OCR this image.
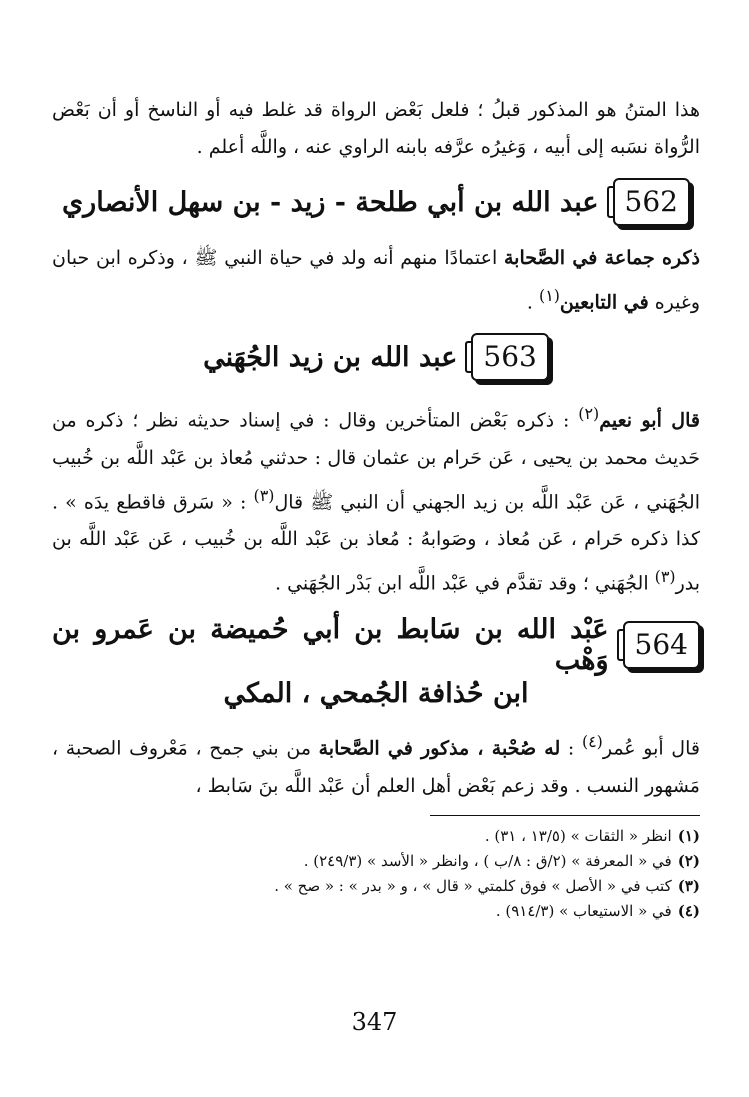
هذا المتنُ هو المذكور قبلُ ؛ فلعل بَعْض الرواة قد غلط فيه أو الناسخ أو أن بَعْض الرُّواة نسَبه إلى أبيه ، وَغيرُه عرَّفه بابنه الراوي عنه ، واللَّه أعلم .

562
عبد الله بن أبي طلحة - زيد - بن سهل الأنصاري

ذكره جماعة في الصَّحابة اعتمادًا منهم أنه ولد في حياة النبي ﷺ ، وذكره ابن حبان وغيره في التابعين$^{(١)}$ .

563
عبد الله بن زيد الجُهَني

قال أبو نعيم$^{(٢)}$ : ذكره بَعْض المتأخرين وقال : في إسناد حديثه نظر ؛ ذكره من حَديث محمد بن يحيى ، عَن حَرام بن عثمان قال : حدثني مُعاذ بن عَبْد اللَّه بن خُبيب الجُهَني ، عَن عَبْد اللَّه بن زيد الجهني أن النبي ﷺ قال$^{(٣)}$ : « سَرق فاقطع يدَه » . كذا ذكره حَرام ، عَن مُعاذ ، وصَوابهُ : مُعاذ بن عَبْد اللَّه بن خُبيب ، عَن عَبْد اللَّه بن بدر$^{(٣)}$ الجُهَني ؛ وقد تقدَّم في عَبْد اللَّه ابن بَدْر الجُهَني .

564
عَبْد الله بن سَابط بن أبي حُميضة بن عَمرو بن وَهْب
ابن حُذافة الجُمحي ، المكي

قال أبو عُمر$^{(٤)}$ : له صُحْبة ، مذكور في الصَّحابة من بني جمح ، مَعْروف الصحبة ، مَشهور النسب . وقد زعم بَعْض أهل العلم أن عَبْد اللَّه بنَ سَابط ،

(١)انظر « الثقات » (١٣/٥ ، ٣١) .

(٢)في « المعرفة » (٢/ق : ٨/ب ) ، وانظر « الأسد » (٢٤٩/٣) .

(٣)كتب في « الأصل » فوق كلمتي « قال » ، و « بدر » : « صح » .

(٤)في « الاستيعاب » (٩١٤/٣) .

347
